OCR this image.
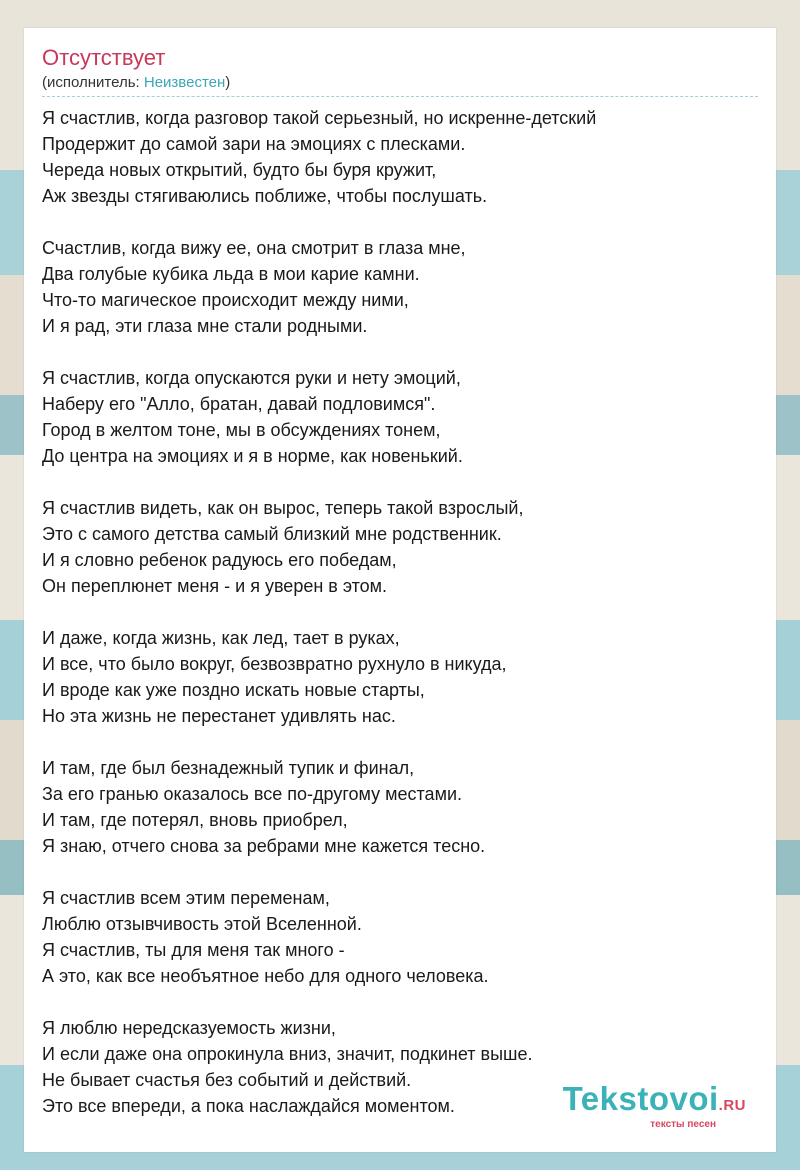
Отсутствует
(исполнитель: Неизвестен)
Я счастлив, когда разговор такой серьезный, но искренне-детский
Продержит до самой зари на эмоциях с плесками.
Череда новых открытий, будто бы буря кружит,
Аж звезды стягиваюлись поближе, чтобы послушать.
Счастлив, когда вижу ее, она смотрит в глаза мне,
Два голубые кубика льда в мои карие камни.
Что-то магическое происходит между ними,
И я рад, эти глаза мне стали родными.
Я счастлив, когда опускаются руки и нету эмоций,
Наберу его "Алло, братан, давай подловимся".
Город в желтом тоне, мы в обсуждениях тонем,
До центра на эмоциях и я в норме, как новенький.
Я счастлив видеть, как он вырос, теперь такой взрослый,
Это с самого детства самый близкий мне родственник.
И я словно ребенок радуюсь его победам,
Он переплюнет меня - и я уверен в этом.
И даже, когда жизнь, как лед, тает в руках,
И все, что было вокруг, безвозвратно рухнуло в никуда,
И вроде как уже поздно искать новые старты,
Но эта жизнь не перестанет удивлять нас.
И там, где был безнадежный тупик и финал,
За его гранью оказалось все по-другому местами.
И там, где потерял, вновь приобрел,
Я знаю, отчего снова за ребрами мне кажется тесно.
Я счастлив всем этим переменам,
Люблю отзывчивость этой Вселенной.
Я счастлив, ты для меня так много -
А это, как все необъятное небо для одного человека.
Я люблю нередсказуемость жизни,
И если даже она опрокинула вниз, значит, подкинет выше.
Не бывает счастья без событий и действий.
Это все впереди, а пока наслаждайся моментом.	Tekstovoi.RU
тексты песен
